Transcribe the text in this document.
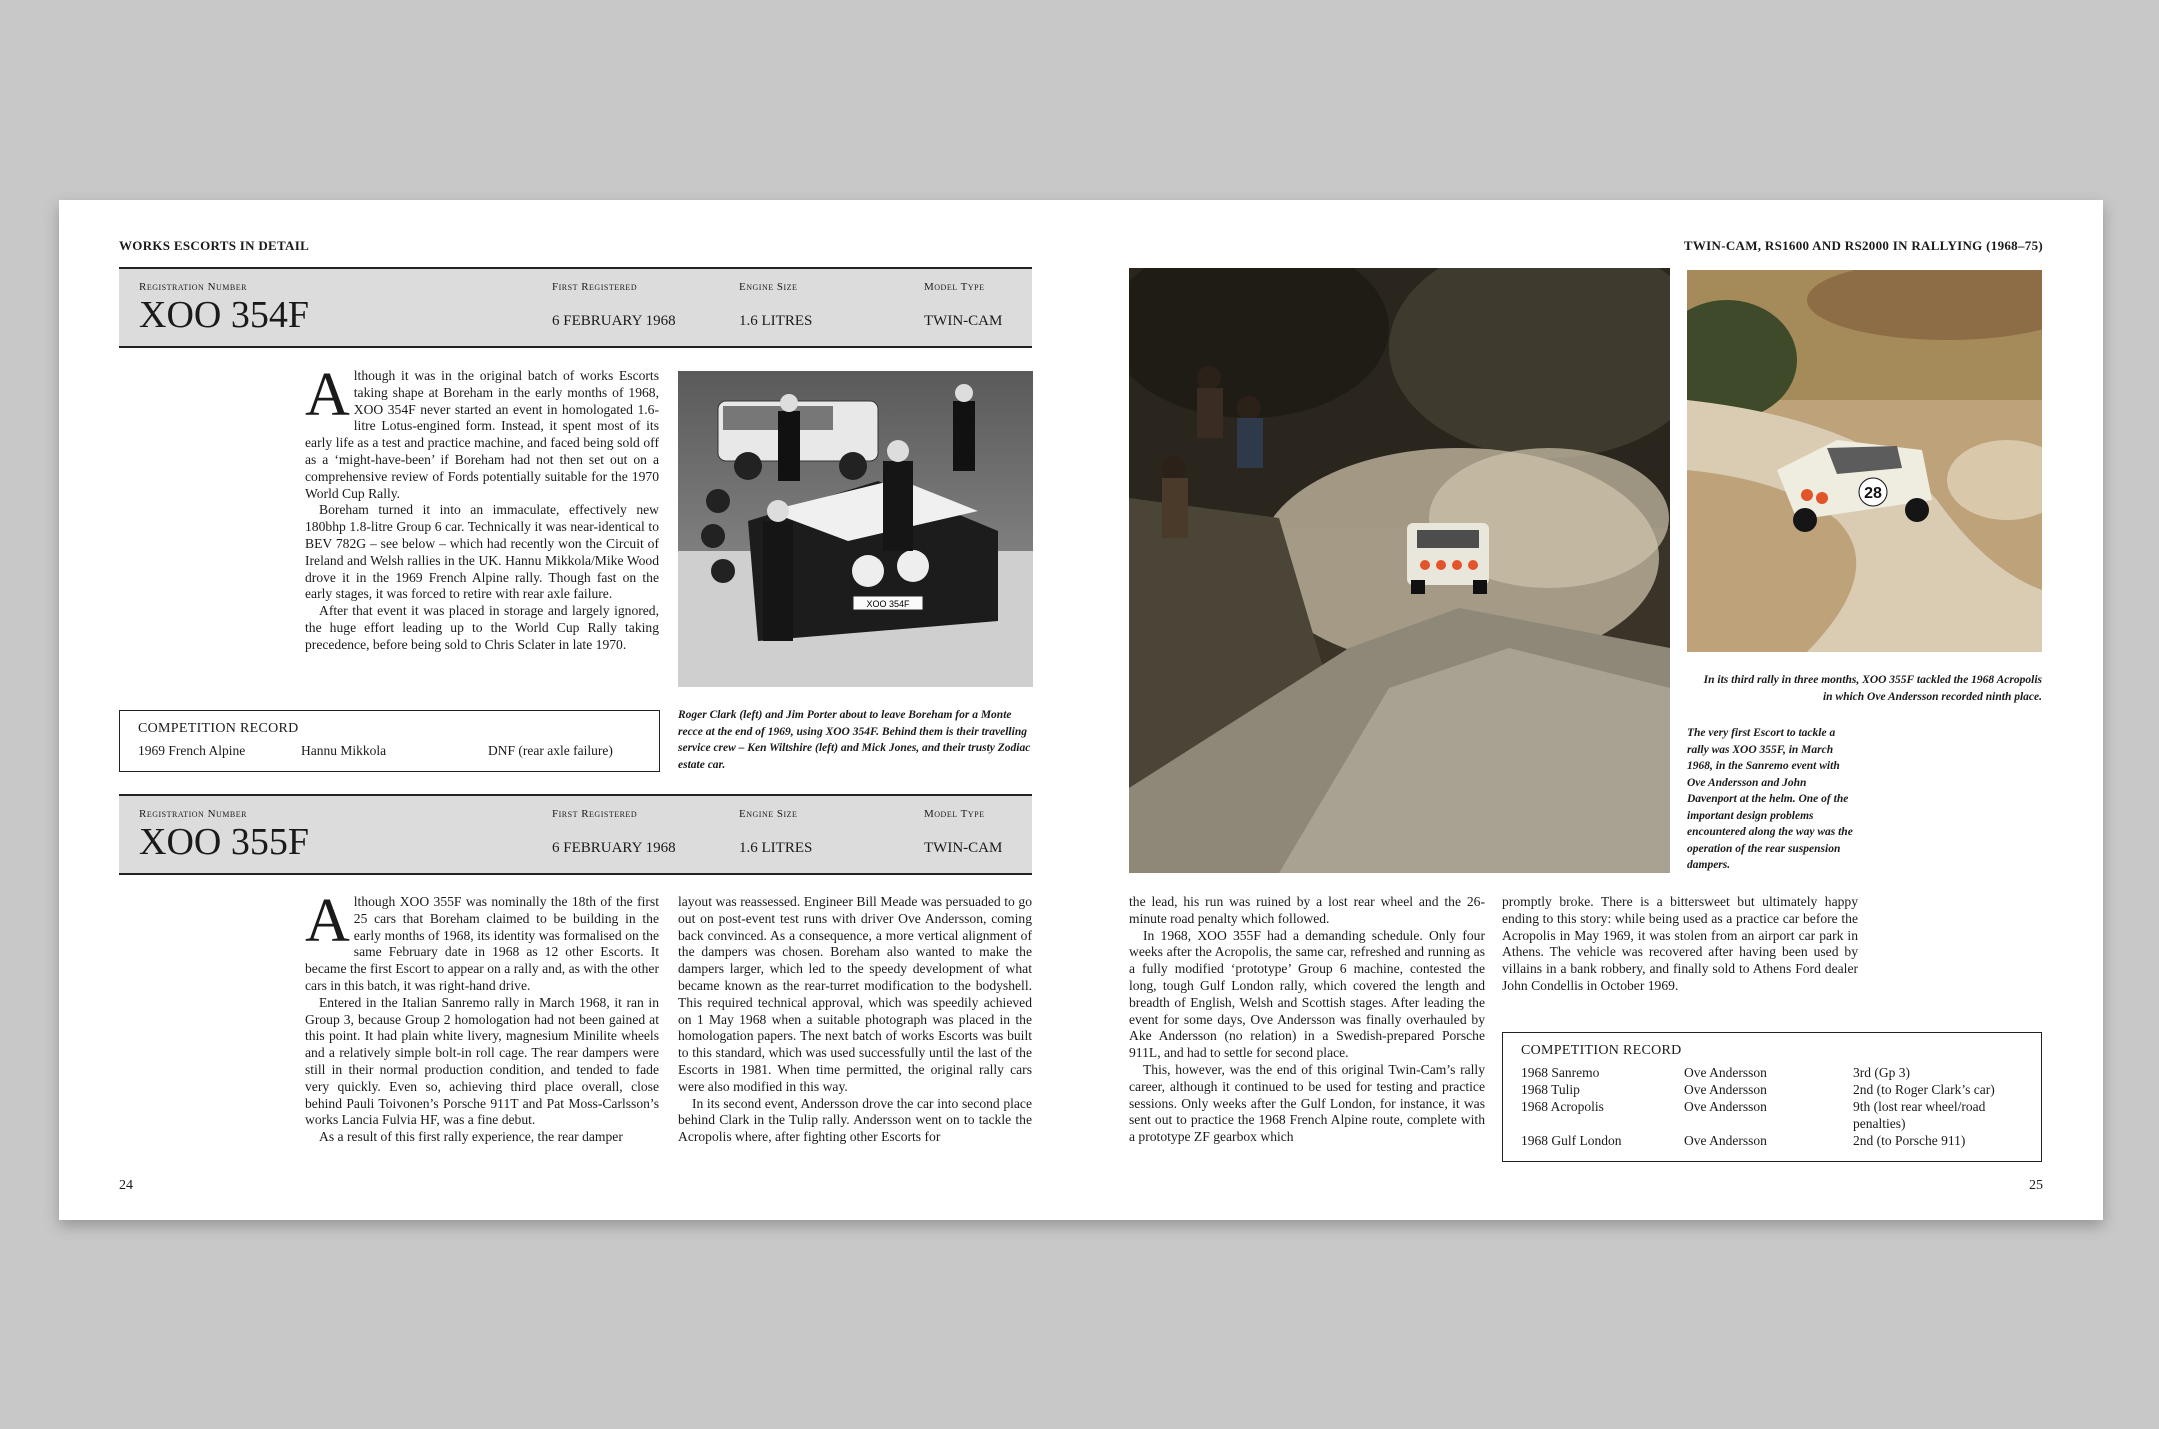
WORKS ESCORTS IN DETAIL	TWIN-CAM, RS1600 AND RS2000 IN RALLYING (1968–75)
Registration Number
XOO 354F
First Registered
6 FEBRUARY 1968
Engine Size
1.6 LITRES
Model Type
TWIN-CAM

Although it was in the original batch of works Escorts taking shape at Boreham in the early months of 1968, XOO 354F never started an event in homologated 1.6-litre Lotus-engined form. Instead, it spent most of its early life as a test and practice machine, and faced being sold off as a ‘might-have-been’ if Boreham had not then set out on a comprehensive review of Fords potentially suitable for the 1970 World Cup Rally.

Boreham turned it into an immaculate, effectively new 180bhp 1.8-litre Group 6 car. Technically it was near-identical to BEV 782G – see below – which had recently won the Circuit of Ireland and Welsh rallies in the UK. Hannu Mikkola/Mike Wood drove it in the 1969 French Alpine rally. Though fast on the early stages, it was forced to retire with rear axle failure.

After that event it was placed in storage and largely ignored, the huge effort leading up to the World Cup Rally taking precedence, before being sold to Chris Sclater in late 1970.

XOO 354F
Roger Clark (left) and Jim Porter about to leave Boreham for a Monte recce at the end of 1969, using XOO 354F. Behind them is their travelling service crew – Ken Wiltshire (left) and Mick Jones, and their trusty Zodiac estate car.
COMPETITION RECORD
1969 French Alpine	Hannu Mikkola	DNF (rear axle failure)
Registration Number
XOO 355F
First Registered
6 FEBRUARY 1968
Engine Size
1.6 LITRES
Model Type
TWIN-CAM

Although XOO 355F was nominally the 18th of the first 25 cars that Boreham claimed to be building in the early months of 1968, its identity was formalised on the same February date in 1968 as 12 other Escorts. It became the first Escort to appear on a rally and, as with the other cars in this batch, it was right-hand drive.

Entered in the Italian Sanremo rally in March 1968, it ran in Group 3, because Group 2 homologation had not been gained at this point. It had plain white livery, magnesium Minilite wheels and a relatively simple bolt-in roll cage. The rear dampers were still in their normal production condition, and tended to fade very quickly. Even so, achieving third place overall, close behind Pauli Toivonen’s Porsche 911T and Pat Moss-Carlsson’s works Lancia Fulvia HF, was a fine debut.

As a result of this first rally experience, the rear damper

layout was reassessed. Engineer Bill Meade was persuaded to go out on post-event test runs with driver Ove Andersson, coming back convinced. As a consequence, a more vertical alignment of the dampers was chosen. Boreham also wanted to make the dampers larger, which led to the speedy development of what became known as the rear-turret modification to the bodyshell. This required technical approval, which was speedily achieved on 1 May 1968 when a suitable photograph was placed in the homologation papers. The next batch of works Escorts was built to this standard, which was used successfully until the last of the Escorts in 1981. When time permitted, the original rally cars were also modified in this way.

In its second event, Andersson drove the car into second place behind Clark in the Tulip rally. Andersson went on to tackle the Acropolis where, after fighting other Escorts for

the lead, his run was ruined by a lost rear wheel and the 26-minute road penalty which followed.

In 1968, XOO 355F had a demanding schedule. Only four weeks after the Acropolis, the same car, refreshed and running as a fully modified ‘prototype’ Group 6 machine, contested the long, tough Gulf London rally, which covered the length and breadth of English, Welsh and Scottish stages. After leading the event for some days, Ove Andersson was finally overhauled by Ake Andersson (no relation) in a Swedish-prepared Porsche 911L, and had to settle for second place.

This, however, was the end of this original Twin-Cam’s rally career, although it continued to be used for testing and practice sessions. Only weeks after the Gulf London, for instance, it was sent out to practice the 1968 French Alpine route, complete with a prototype ZF gearbox which

promptly broke. There is a bittersweet but ultimately happy ending to this story: while being used as a practice car before the Acropolis in May 1969, it was stolen from an airport car park in Athens. The vehicle was recovered after having been used by villains in a bank robbery, and finally sold to Athens Ford dealer John Condellis in October 1969.

28
In its third rally in three months, XOO 355F tackled the 1968 Acropolis in which Ove Andersson recorded ninth place.
The very first Escort to tackle a rally was XOO 355F, in March 1968, in the Sanremo event with Ove Andersson and John Davenport at the helm. One of the important design problems encountered along the way was the operation of the rear suspension dampers.
COMPETITION RECORD
1968 Sanremo	Ove Andersson	3rd (Gp 3)
1968 Tulip	Ove Andersson	2nd (to Roger Clark’s car)
1968 Acropolis	Ove Andersson	9th (lost rear wheel/road penalties)
1968 Gulf London	Ove Andersson	2nd (to Porsche 911)
24	25
